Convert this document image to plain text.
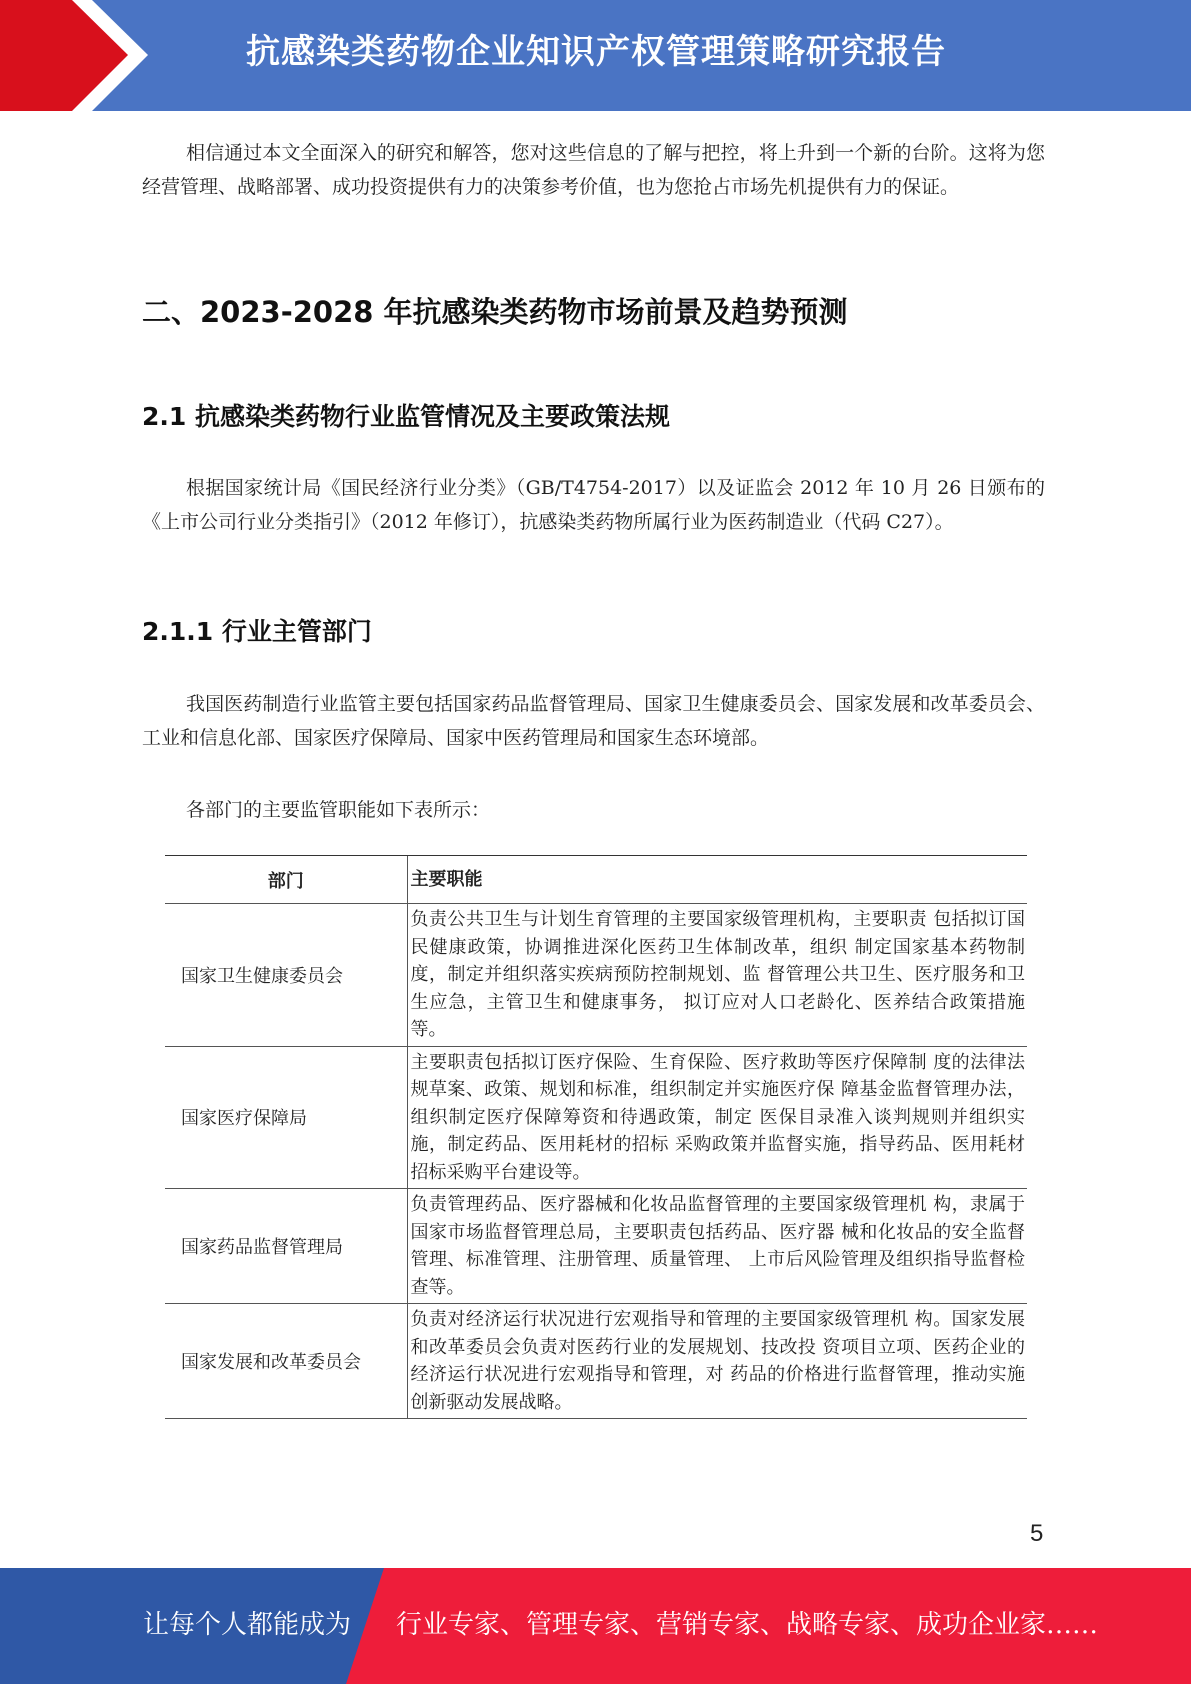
抗感染类药物企业知识产权管理策略研究报告

相信通过本文全面深入的研究和解答，您对这些信息的了解与把控，将上升到一个新的台阶。这将为您经营管理、战略部署、成功投资提供有力的决策参考价值，也为您抢占市场先机提供有力的保证。

二、2023-2028 年抗感染类药物市场前景及趋势预测
2.1 抗感染类药物行业监管情况及主要政策法规

根据国家统计局《国民经济行业分类》（GB/T4754-2017）以及证监会 2012 年 10 月 26 日颁布的《上市公司行业分类指引》（2012 年修订），抗感染类药物所属行业为医药制造业（代码 C27）。

2.1.1 行业主管部门

我国医药制造行业监管主要包括国家药品监督管理局、国家卫生健康委员会、国家发展和改革委员会、工业和信息化部、国家医疗保障局、国家中医药管理局和国家生态环境部。

各部门的主要监管职能如下表所示：

部门	主要职能
国家卫生健康委员会	负责公共卫生与计划生育管理的主要国家级管理机构，主要职责 包括拟订国民健康政策，协调推进深化医药卫生体制改革，组织 制定国家基本药物制度，制定并组织落实疾病预防控制规划、监 督管理公共卫生、医疗服务和卫生应急，主管卫生和健康事务， 拟订应对人口老龄化、医养结合政策措施等。
国家医疗保障局	主要职责包括拟订医疗保险、生育保险、医疗救助等医疗保障制 度的法律法规草案、政策、规划和标准，组织制定并实施医疗保 障基金监督管理办法，组织制定医疗保障筹资和待遇政策，制定 医保目录准入谈判规则并组织实施，制定药品、医用耗材的招标 采购政策并监督实施，指导药品、医用耗材招标采购平台建设等。
国家药品监督管理局	负责管理药品、医疗器械和化妆品监督管理的主要国家级管理机 构，隶属于国家市场监督管理总局，主要职责包括药品、医疗器 械和化妆品的安全监督管理、标准管理、注册管理、质量管理、 上市后风险管理及组织指导监督检查等。
国家发展和改革委员会	负责对经济运行状况进行宏观指导和管理的主要国家级管理机 构。国家发展和改革委员会负责对医药行业的发展规划、技改投 资项目立项、医药企业的经济运行状况进行宏观指导和管理，对 药品的价格进行监督管理，推动实施创新驱动发展战略。
5
让每个人都能成为 行业专家、管理专家、营销专家、战略专家、成功企业家……
